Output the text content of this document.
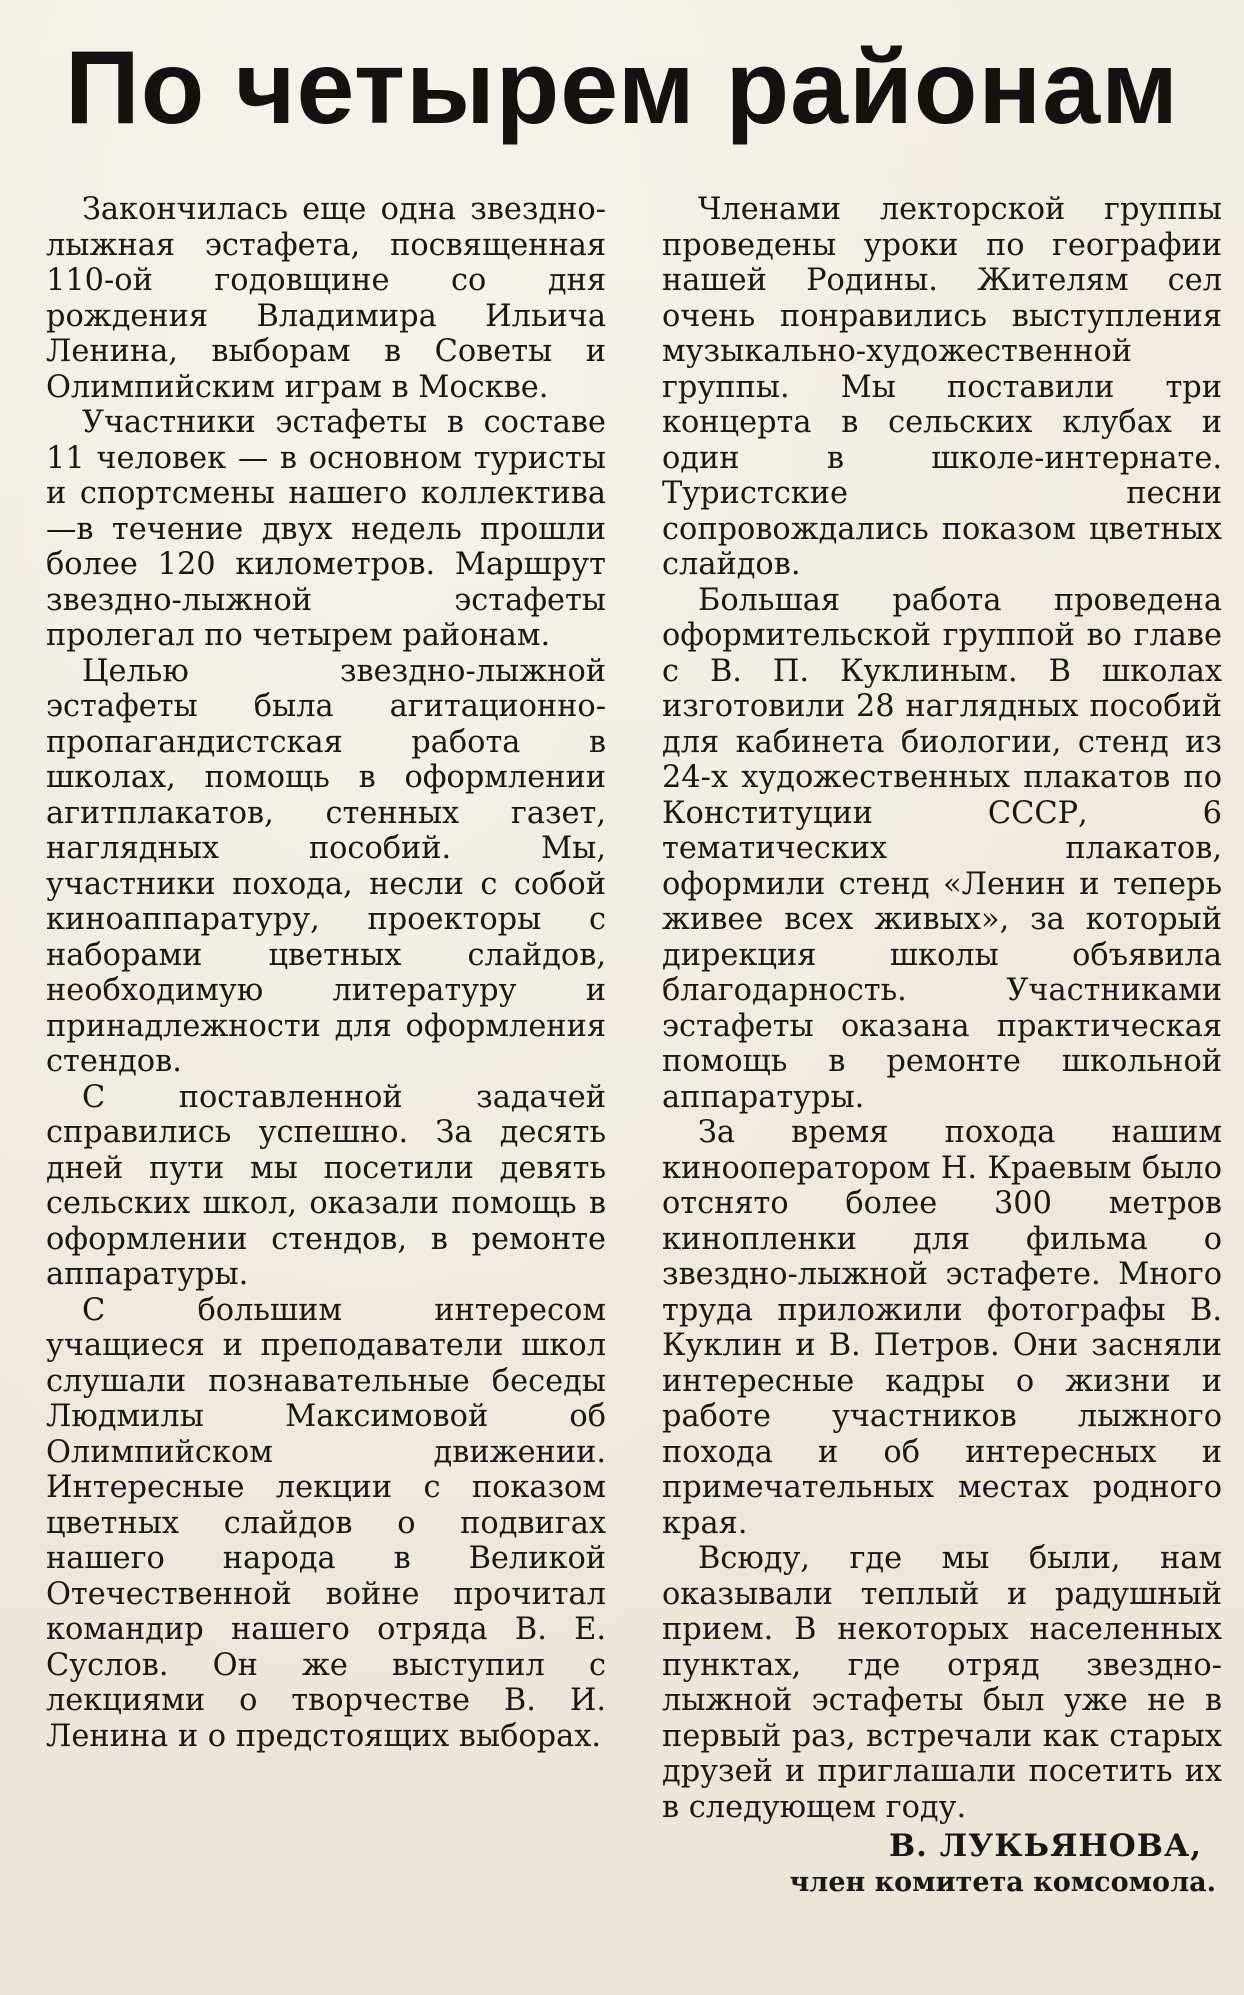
По четырем районам

Закончилась еще одна звездно-лыжная эстафета, посвященная 110-ой годовщине со дня рождения Владимира Ильича Ленина, выборам в Советы и Олимпийским играм в Москве.

Участники эстафеты в составе 11 человек — в основном туристы и спортсмены нашего коллектива—в течение двух недель прошли более 120 километров. Маршрут звездно-лыжной эстафеты пролегал по четырем районам.

Целью звездно-лыжной эстафеты была агитационно-пропагандистская работа в школах, помощь в оформлении агитплакатов, стенных газет, наглядных пособий. Мы, участники похода, несли с собой киноаппаратуру, проекторы с наборами цветных слайдов, необходимую литературу и принадлежности для оформления стендов.

С поставленной задачей справились успешно. За десять дней пути мы посетили девять сельских школ, оказали помощь в оформлении стендов, в ремонте аппаратуры.

С большим интересом учащиеся и преподаватели школ слушали познавательные беседы Людмилы Максимовой об Олимпийском движении. Интересные лекции с показом цветных слайдов о подвигах нашего народа в Великой Отечественной войне прочитал командир нашего отряда В. Е. Суслов. Он же выступил с лекциями о творчестве В. И. Ленина и о предстоящих выборах.

Членами лекторской группы проведены уроки по географии нашей Родины. Жителям сел очень понравились выступления музыкально-художественной группы. Мы поставили три концерта в сельских клубах и один в школе-интернате. Туристские песни сопровождались показом цветных слайдов.

Большая работа проведена оформительской группой во главе с В. П. Куклиным. В школах изготовили 28 наглядных пособий для кабинета биологии, стенд из 24-х художественных плакатов по Конституции СССР, 6 тематических плакатов, оформили стенд «Ленин и теперь живее всех живых», за который дирекция школы объявила благодарность. Участниками эстафеты оказана практическая помощь в ремонте школьной аппаратуры.

За время похода нашим кинооператором Н. Краевым было отснято более 300 метров кинопленки для фильма о звездно-лыжной эстафете. Много труда приложили фотографы В. Куклин и В. Петров. Они засняли интересные кадры о жизни и работе участников лыжного похода и об интересных и примечательных местах родного края.

Всюду, где мы были, нам оказывали теплый и радушный прием. В некоторых населенных пунктах, где отряд звездно-лыжной эстафеты был уже не в первый раз, встречали как старых друзей и приглашали посетить их в следующем году.

В. ЛУКЬЯНОВА,
член комитета комсомола.
